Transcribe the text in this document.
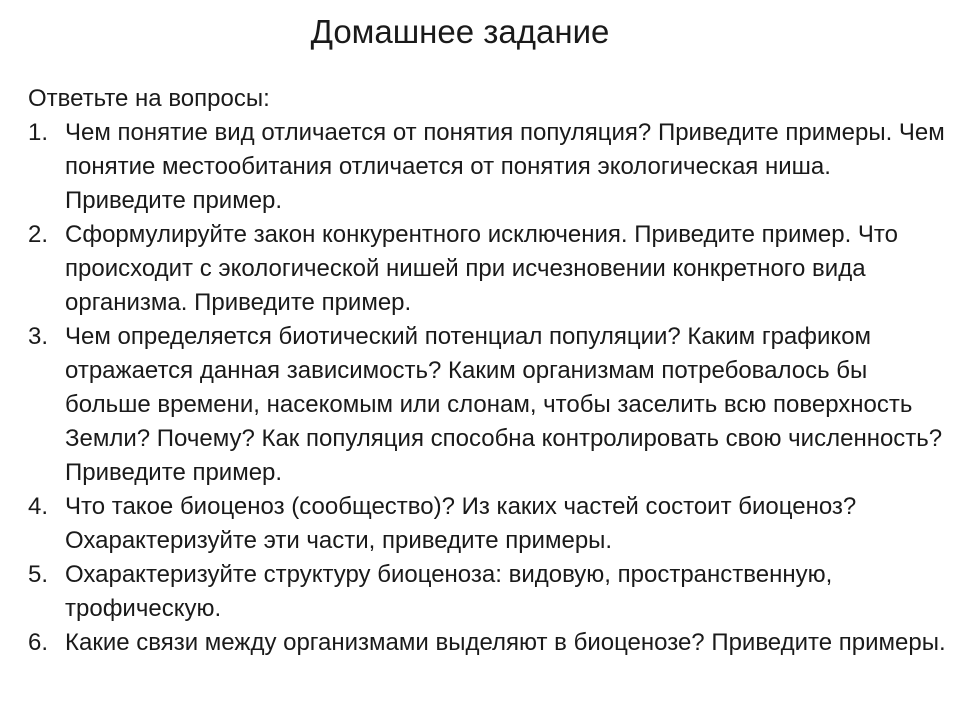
Домашнее задание

Ответьте на вопросы:

1. Чем понятие вид отличается от понятия популяция? Приведите примеры. Чем понятие местообитания отличается от понятия экологическая ниша. Приведите пример.
2. Сформулируйте закон конкурентного исключения. Приведите пример. Что происходит с экологической нишей при исчезновении конкретного вида организма. Приведите пример.
3. Чем определяется биотический потенциал популяции? Каким графиком отражается данная зависимость? Каким организмам потребовалось бы больше времени, насекомым или слонам, чтобы заселить всю поверхность Земли? Почему? Как популяция способна контролировать свою численность? Приведите пример.
4. Что такое биоценоз (сообщество)? Из каких частей состоит биоценоз? Охарактеризуйте эти части, приведите примеры.
5. Охарактеризуйте структуру биоценоза: видовую, пространственную, трофическую.
6. Какие связи между организмами выделяют в биоценозе? Приведите примеры.
